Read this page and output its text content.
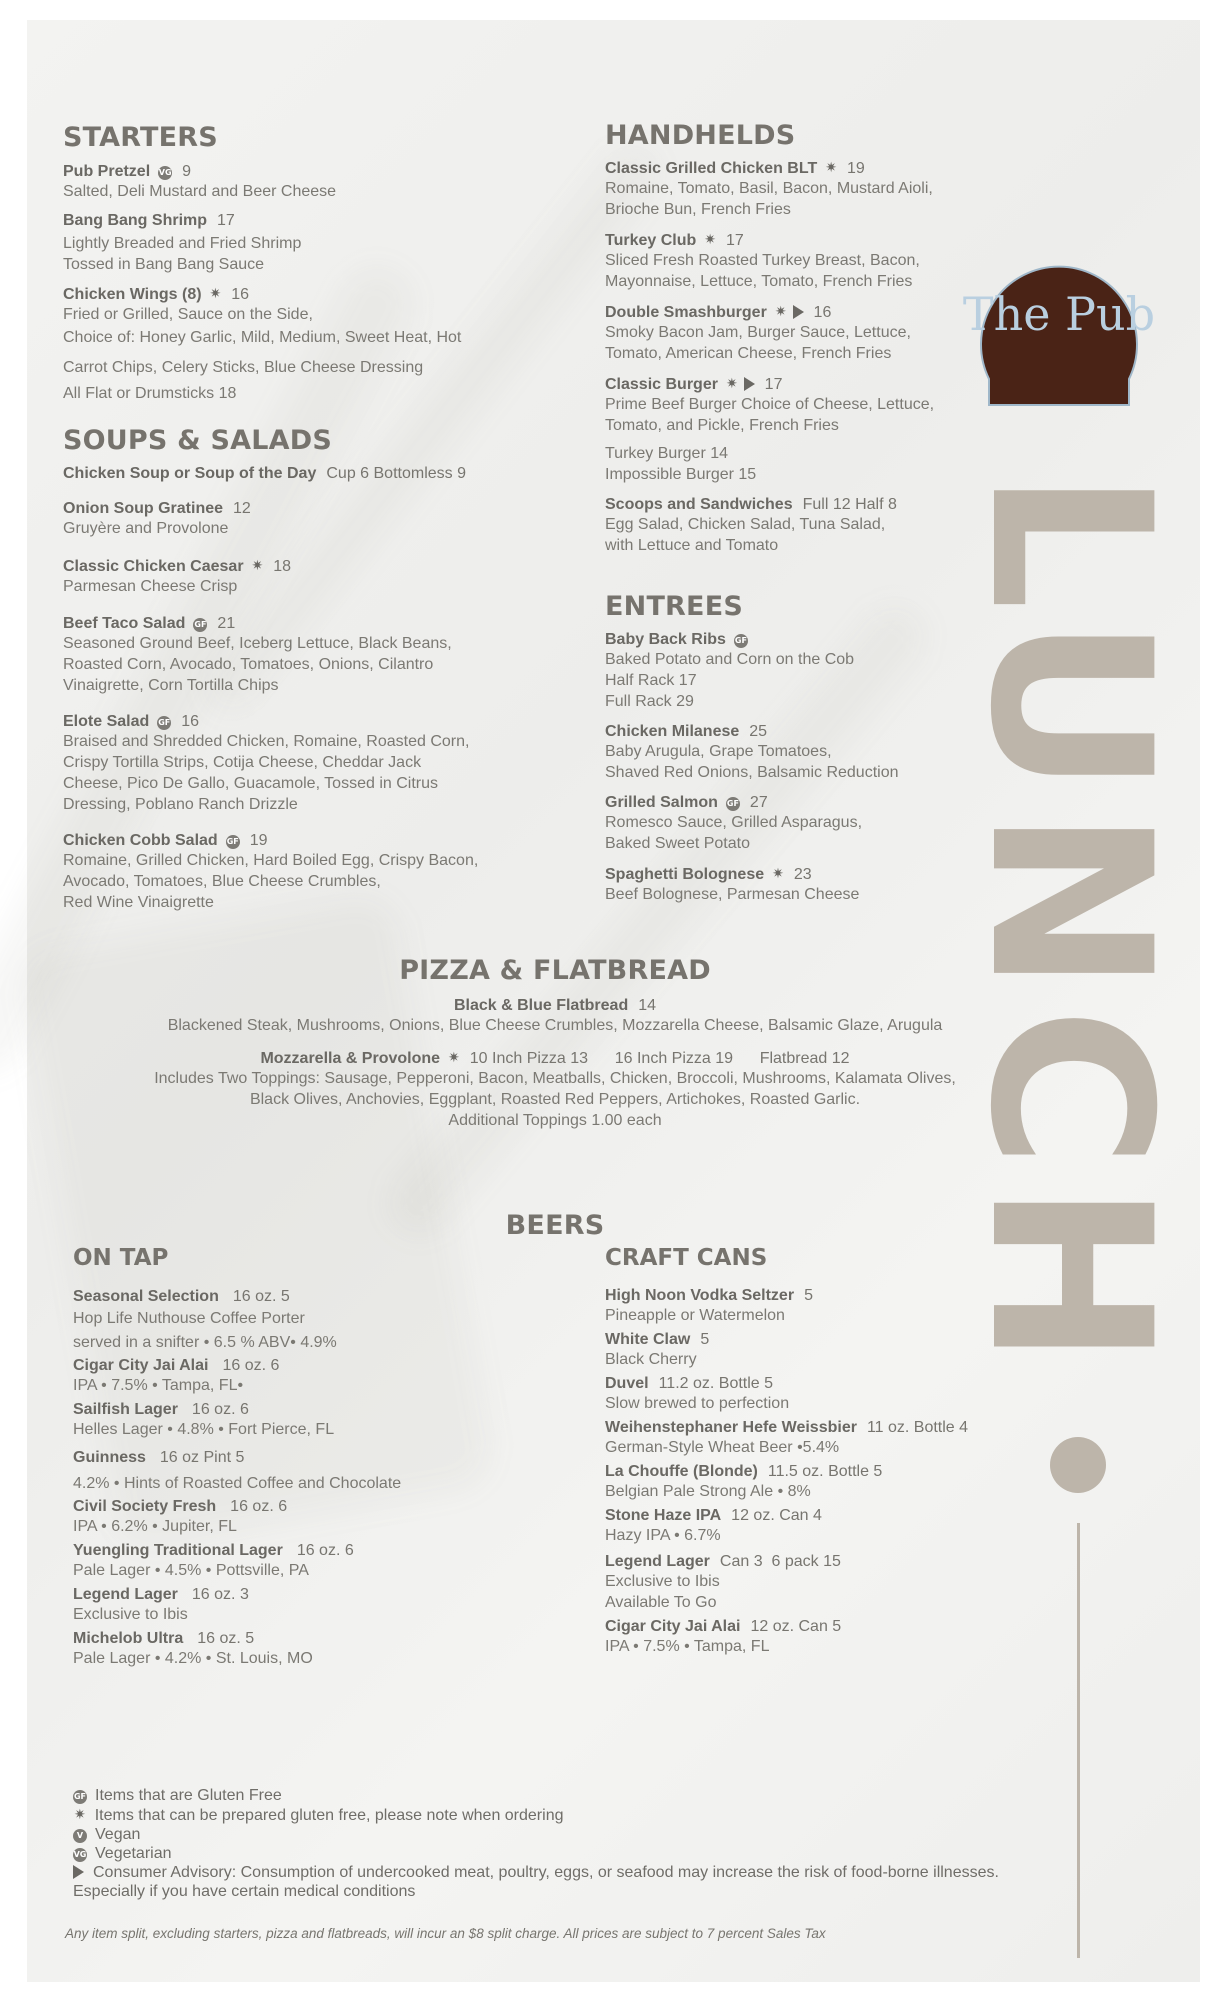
STARTERS
Pub Pretzel VG 9
Salted, Deli Mustard and Beer Cheese
Bang Bang Shrimp 17
Lightly Breaded and Fried Shrimp
Tossed in Bang Bang Sauce
Chicken Wings (8) ✷ 16
Fried or Grilled, Sauce on the Side,
Choice of: Honey Garlic, Mild, Medium, Sweet Heat, Hot
Carrot Chips, Celery Sticks, Blue Cheese Dressing
All Flat or Drumsticks 18
SOUPS & SALADS
Chicken Soup or Soup of the Day Cup 6 Bottomless 9
Onion Soup Gratinee 12
Gruyère and Provolone
Classic Chicken Caesar ✷ 18
Parmesan Cheese Crisp
Beef Taco Salad GF 21
Seasoned Ground Beef, Iceberg Lettuce, Black Beans,
Roasted Corn, Avocado, Tomatoes, Onions, Cilantro
Vinaigrette, Corn Tortilla Chips
Elote Salad GF 16
Braised and Shredded Chicken, Romaine, Roasted Corn,
Crispy Tortilla Strips, Cotija Cheese, Cheddar Jack
Cheese, Pico De Gallo, Guacamole, Tossed in Citrus
Dressing, Poblano Ranch Drizzle
Chicken Cobb Salad GF 19
Romaine, Grilled Chicken, Hard Boiled Egg, Crispy Bacon,
Avocado, Tomatoes, Blue Cheese Crumbles,
Red Wine Vinaigrette
HANDHELDS
Classic Grilled Chicken BLT ✷ 19
Romaine, Tomato, Basil, Bacon, Mustard Aioli,
Brioche Bun, French Fries
Turkey Club ✷ 17
Sliced Fresh Roasted Turkey Breast, Bacon,
Mayonnaise, Lettuce, Tomato, French Fries
Double Smashburger ✷ 16
Smoky Bacon Jam, Burger Sauce, Lettuce,
Tomato, American Cheese, French Fries
Classic Burger ✷ 17
Prime Beef Burger Choice of Cheese, Lettuce,
Tomato, and Pickle, French Fries
Turkey Burger 14
Impossible Burger 15
Scoops and Sandwiches Full 12 Half 8
Egg Salad, Chicken Salad, Tuna Salad,
with Lettuce and Tomato
ENTREES
Baby Back Ribs GF
Baked Potato and Corn on the Cob
Half Rack 17
Full Rack 29
Chicken Milanese 25
Baby Arugula, Grape Tomatoes,
Shaved Red Onions, Balsamic Reduction
Grilled Salmon GF 27
Romesco Sauce, Grilled Asparagus,
Baked Sweet Potato
Spaghetti Bolognese ✷ 23
Beef Bolognese, Parmesan Cheese
PIZZA & FLATBREAD
Black & Blue Flatbread 14
Blackened Steak, Mushrooms, Onions, Blue Cheese Crumbles, Mozzarella Cheese, Balsamic Glaze, Arugula
Mozzarella & Provolone ✷ 10 Inch Pizza 13      16 Inch Pizza 19      Flatbread 12
Includes Two Toppings: Sausage, Pepperoni, Bacon, Meatballs, Chicken, Broccoli, Mushrooms, Kalamata Olives,
Black Olives, Anchovies, Eggplant, Roasted Red Peppers, Artichokes, Roasted Garlic.
Additional Toppings 1.00 each
BEERS
ON TAP
Seasonal Selection 16 oz. 5
Hop Life Nuthouse Coffee Porter
served in a snifter • 6.5 % ABV• 4.9%
Cigar City Jai Alai 16 oz. 6
IPA • 7.5% • Tampa, FL•
Sailfish Lager 16 oz. 6
Helles Lager • 4.8% • Fort Pierce, FL
Guinness 16 oz Pint 5
4.2% • Hints of Roasted Coffee and Chocolate
Civil Society Fresh 16 oz. 6
IPA • 6.2% • Jupiter, FL
Yuengling Traditional Lager 16 oz. 6
Pale Lager • 4.5% • Pottsville, PA
Legend Lager 16 oz. 3
Exclusive to Ibis
Michelob Ultra 16 oz. 5
Pale Lager • 4.2% • St. Louis, MO
CRAFT CANS
High Noon Vodka Seltzer 5
Pineapple or Watermelon
White Claw 5
Black Cherry
Duvel 11.2 oz. Bottle 5
Slow brewed to perfection
Weihenstephaner Hefe Weissbier 11 oz. Bottle 4
German-Style Wheat Beer •5.4%
La Chouffe (Blonde) 11.5 oz. Bottle 5
Belgian Pale Strong Ale • 8%
Stone Haze IPA 12 oz. Can 4
Hazy IPA • 6.7%
Legend Lager Can 3  6 pack 15
Exclusive to Ibis
Available To Go
Cigar City Jai Alai 12 oz. Can 5
IPA • 7.5% • Tampa, FL
GF Items that are Gluten Free
✷ Items that can be prepared gluten free, please note when ordering
V Vegan
VG Vegetarian
Consumer Advisory: Consumption of undercooked meat, poultry, eggs, or seafood may increase the risk of food-borne illnesses.
Especially if you have certain medical conditions
Any item split, excluding starters, pizza and flatbreads, will incur an $8 split charge. All prices are subject to 7 percent Sales Tax
The Pub
LUNCH
